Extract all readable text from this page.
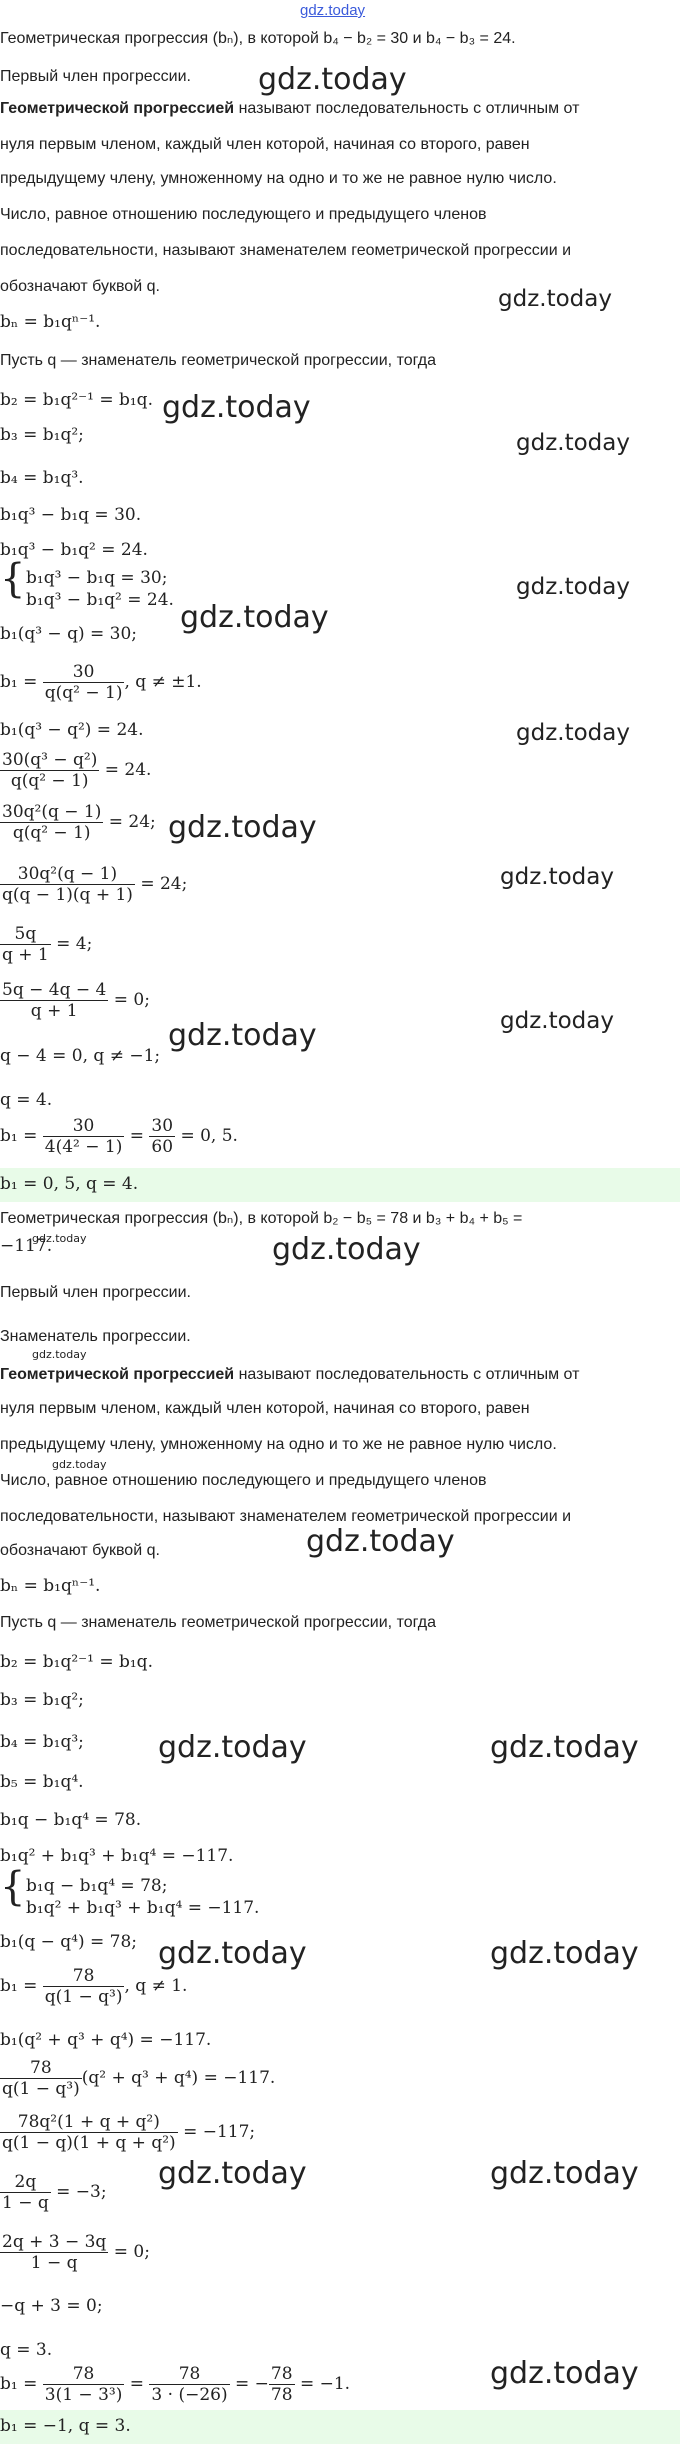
gdz.today
Геометрическая прогрессия (bₙ), в которой b₄ − b₂ = 30 и b₄ − b₃ = 24.
Первый член прогрессии.
Геометрической прогрессией называют последовательность с отличным от
нуля первым членом, каждый член которой, начиная со второго, равен
предыдущему члену, умноженному на одно и то же не равное нулю число.
Число, равное отношению последующего и предыдущего членов
последовательности, называют знаменателем геометрической прогрессии и
обозначают буквой q.
bₙ = b₁qⁿ⁻¹.
Пусть q — знаменатель геометрической прогрессии, тогда
b₂ = b₁q²⁻¹ = b₁q.
b₃ = b₁q²;
b₄ = b₁q³.
b₁q³ − b₁q = 30.
b₁q³ − b₁q² = 24.
{ b₁q³ − b₁q = 30;
b₁q³ − b₁q² = 24.
b₁(q³ − q) = 30;
$b_1 = \frac{30}{\text{q(q² − 1)}}$ , q ≠ ±1.
b₁(q³ − q²) = 24.
$\frac{\text{30(q³ − q²)}}{\text{q(q² − 1)}} = 24$.
$\frac{\text{30q²(q − 1)}}{\text{q(q² − 1)}} = 24$;
$\frac{\text{30q²(q − 1)}}{q(q - 1)(q + 1)} = 24$;
$\frac{5q}{q + 1} = 4$;
$\frac{5q - 4q - 4}{q + 1} = 0$;
q − 4 = 0, q ≠ −1;
q = 4.
$b_1 = \frac{30}{\text{4(4² − 1)}} = \frac{30}{60} = 0$, 5.
b₁ = 0, 5, q = 4.
Геометрическая прогрессия (bₙ), в которой b₂ − b₅ = 78 и b₃ + b₄ + b₅ =
−117.
Первый член прогрессии.
Знаменатель прогрессии.
Геометрической прогрессией называют последовательность с отличным от
нуля первым членом, каждый член которой, начиная со второго, равен
предыдущему члену, умноженному на одно и то же не равное нулю число.
Число, равное отношению последующего и предыдущего членов
последовательности, называют знаменателем геометрической прогрессии и
обозначают буквой q.
bₙ = b₁qⁿ⁻¹.
Пусть q — знаменатель геометрической прогрессии, тогда
b₂ = b₁q²⁻¹ = b₁q.
b₃ = b₁q²;
b₄ = b₁q³;
b₅ = b₁q⁴.
b₁q − b₁q⁴ = 78.
b₁q² + b₁q³ + b₁q⁴ = −117.
{ b₁q − b₁q⁴ = 78;
b₁q² + b₁q³ + b₁q⁴ = −117.
b₁(q − q⁴) = 78;
$b_1 = \frac{78}{\text{q(1 − q³)}}$ , q ≠ 1.
b₁(q² + q³ + q⁴) = −117.
$\frac{78}{\text{q(1 − q³)}} (q^2 + q^3 + q^4) = -117$.
$\frac{\text{78q²(1 + q + q²)}}{\text{q(1 − q)(1 + q + q²)}} = -117$;
$\frac{2q}{1 - q} = -3$;
$\frac{2q + 3 - 3q}{1 - q} = 0$;
−q + 3 = 0;
q = 3.
$b_1 = \frac{78}{\text{3(1 − 3³)}} = \frac{78}{3 \cdot (-26)}$ = − $\frac{78}{78} = -1$.
b₁ = −1, q = 3.
gdz.today
gdz.today
gdz.today
gdz.today
gdz.today
gdz.today
gdz.today
gdz.today
gdz.today
gdz.today	gdz.today
gdz.today	gdz.today
gdz.today
gdz.today
gdz.today
gdz.today	gdz.today
gdz.today	gdz.today
gdz.today	gdz.today
gdz.today
